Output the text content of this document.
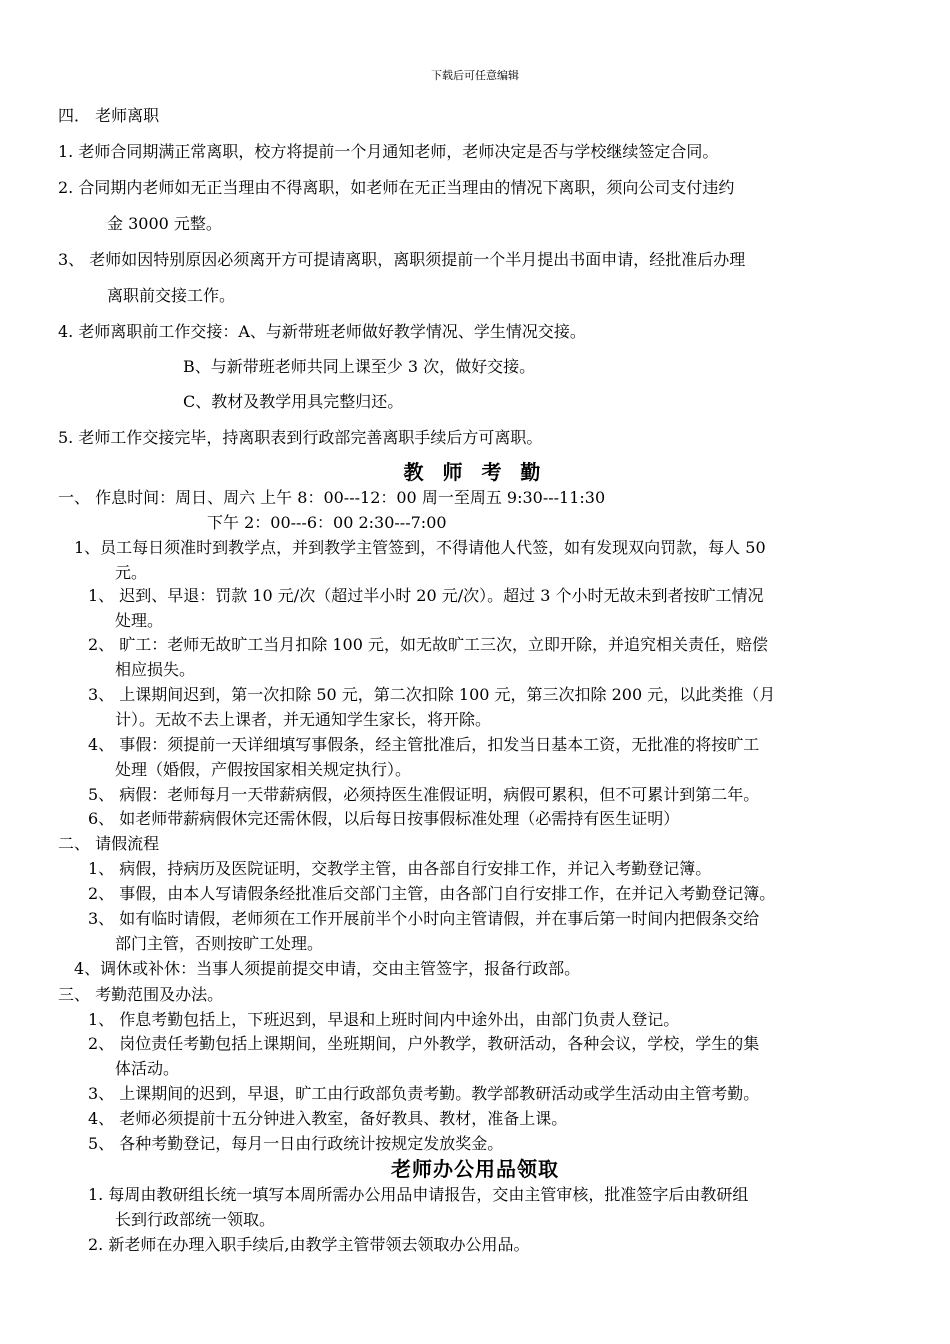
下载后可任意编辑
四． 老师离职
1. 老师合同期满正常离职，校方将提前一个月通知老师，老师决定是否与学校继续签定合同。
2. 合同期内老师如无正当理由不得离职，如老师在无正当理由的情况下离职，须向公司支付违约
金 3000 元整。
3、 老师如因特别原因必须离开方可提请离职，离职须提前一个半月提出书面申请，经批准后办理
离职前交接工作。
4. 老师离职前工作交接：A、与新带班老师做好教学情况、学生情况交接。
B、与新带班老师共同上课至少 3 次，做好交接。
C、教材及教学用具完整归还。
5. 老师工作交接完毕，持离职表到行政部完善离职手续后方可离职。
教 师 考 勤
一、 作息时间：周日、周六 上午 8：00---12：00 周一至周五 9:30---11:30
下午 2：00---6：00 2:30---7:00
1、员工每日须准时到教学点，并到教学主管签到，不得请他人代签，如有发现双向罚款，每人 50
元。
1、 迟到、早退：罚款 10 元/次（超过半小时 20 元/次）。超过 3 个小时无故未到者按旷工情况
处理。
2、 旷工：老师无故旷工当月扣除 100 元，如无故旷工三次，立即开除，并追究相关责任，赔偿
相应损失。
3、 上课期间迟到，第一次扣除 50 元，第二次扣除 100 元，第三次扣除 200 元，以此类推（月
计）。无故不去上课者，并无通知学生家长，将开除。
4、 事假：须提前一天详细填写事假条，经主管批准后，扣发当日基本工资，无批准的将按旷工
处理（婚假，产假按国家相关规定执行）。
5、 病假：老师每月一天带薪病假，必须持医生准假证明，病假可累积，但不可累计到第二年。
6、 如老师带薪病假休完还需休假，以后每日按事假标准处理（必需持有医生证明）
二、 请假流程
1、 病假，持病历及医院证明，交教学主管，由各部自行安排工作，并记入考勤登记簿。
2、 事假，由本人写请假条经批准后交部门主管，由各部门自行安排工作，在并记入考勤登记簿。
3、 如有临时请假，老师须在工作开展前半个小时向主管请假，并在事后第一时间内把假条交给
部门主管，否则按旷工处理。
4、调休或补休：当事人须提前提交申请，交由主管签字，报备行政部。
三、 考勤范围及办法。
1、 作息考勤包括上，下班迟到，早退和上班时间内中途外出，由部门负责人登记。
2、 岗位责任考勤包括上课期间，坐班期间，户外教学，教研活动，各种会议，学校，学生的集
体活动。
3、 上课期间的迟到，早退，旷工由行政部负责考勤。教学部教研活动或学生活动由主管考勤。
4、 老师必须提前十五分钟进入教室，备好教具、教材，准备上课。
5、 各种考勤登记，每月一日由行政统计按规定发放奖金。
老师办公用品领取
1. 每周由教研组长统一填写本周所需办公用品申请报告，交由主管审核，批准签字后由教研组
长到行政部统一领取。
2. 新老师在办理入职手续后,由教学主管带领去领取办公用品。
